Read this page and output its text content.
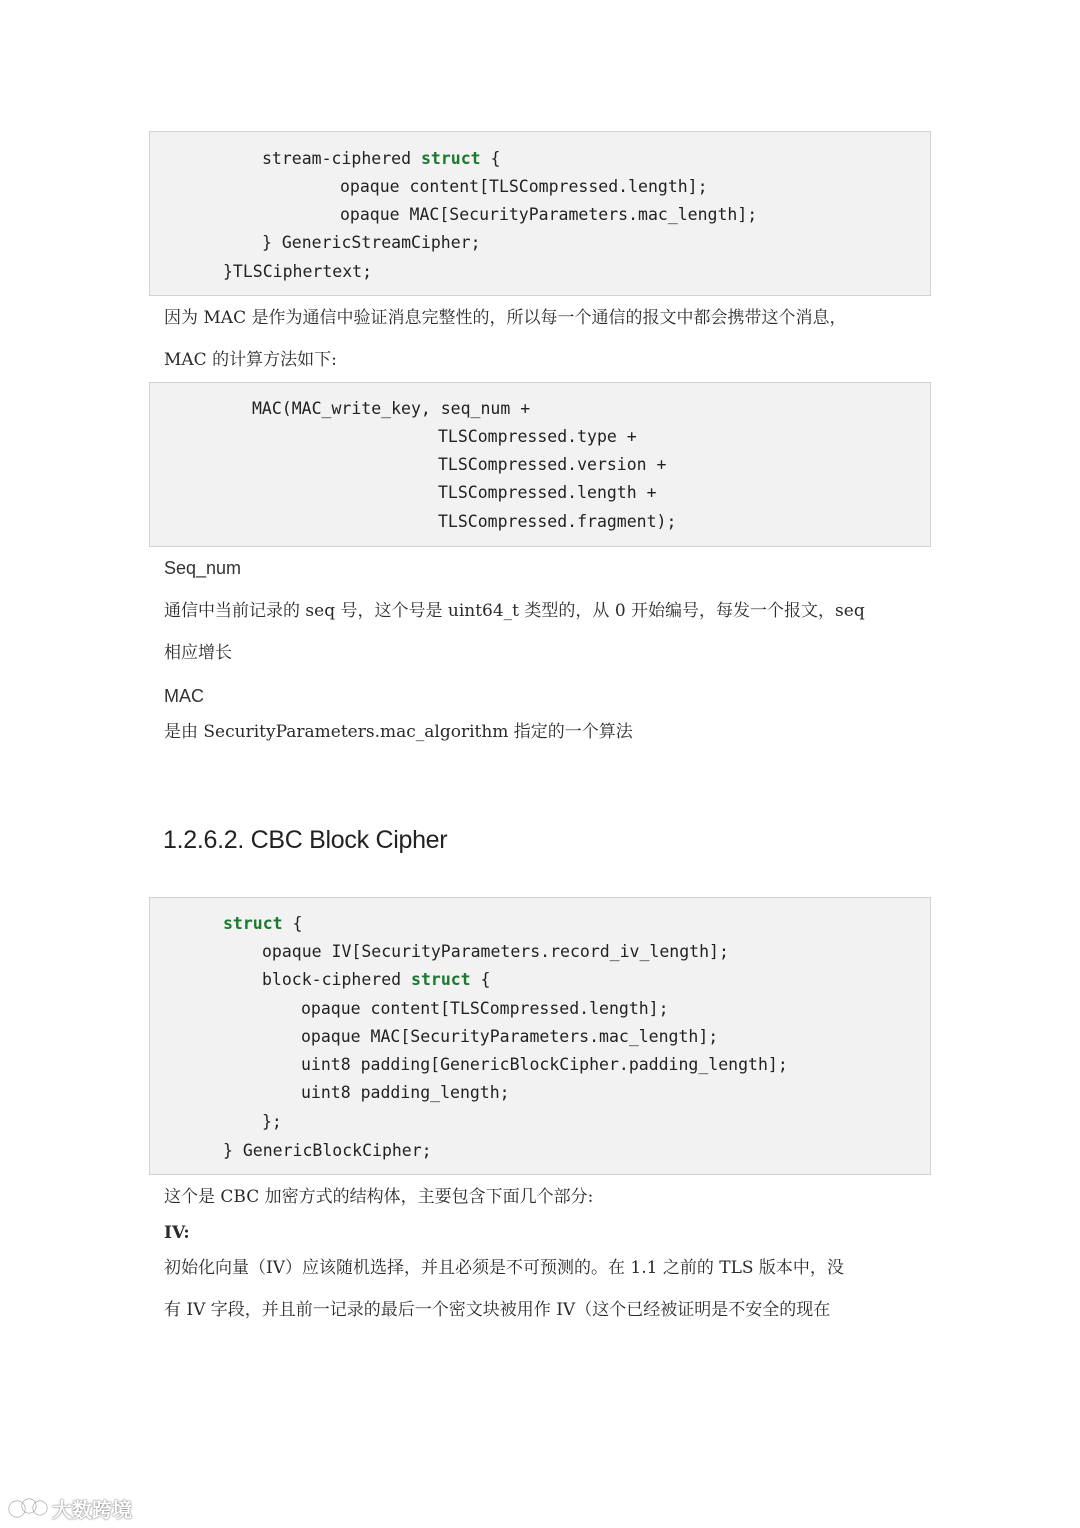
stream-ciphered struct {
opaque content[TLSCompressed.length];
opaque MAC[SecurityParameters.mac_length];
} GenericStreamCipher;
}TLSCiphertext;
因为 MAC 是作为通信中验证消息完整性的，所以每一个通信的报文中都会携带这个消息，
MAC 的计算方法如下:
MAC(MAC_write_key, seq_num +
TLSCompressed.type +
TLSCompressed.version +
TLSCompressed.length +
TLSCompressed.fragment);
Seq_num
通信中当前记录的 seq 号，这个号是 uint64_t 类型的，从 0 开始编号，每发一个报文，seq
相应增长
MAC
是由 SecurityParameters.mac_algorithm 指定的一个算法
1.2.6.2. CBC Block Cipher
struct {
opaque IV[SecurityParameters.record_iv_length];
block-ciphered struct {
opaque content[TLSCompressed.length];
opaque MAC[SecurityParameters.mac_length];
uint8 padding[GenericBlockCipher.padding_length];
uint8 padding_length;
};
} GenericBlockCipher;
这个是 CBC 加密方式的结构体，主要包含下面几个部分:
IV:
初始化向量（IV）应该随机选择，并且必须是不可预测的。在 1.1 之前的 TLS 版本中，没
有 IV 字段，并且前一记录的最后一个密文块被用作 IV（这个已经被证明是不安全的现在
大数跨境
